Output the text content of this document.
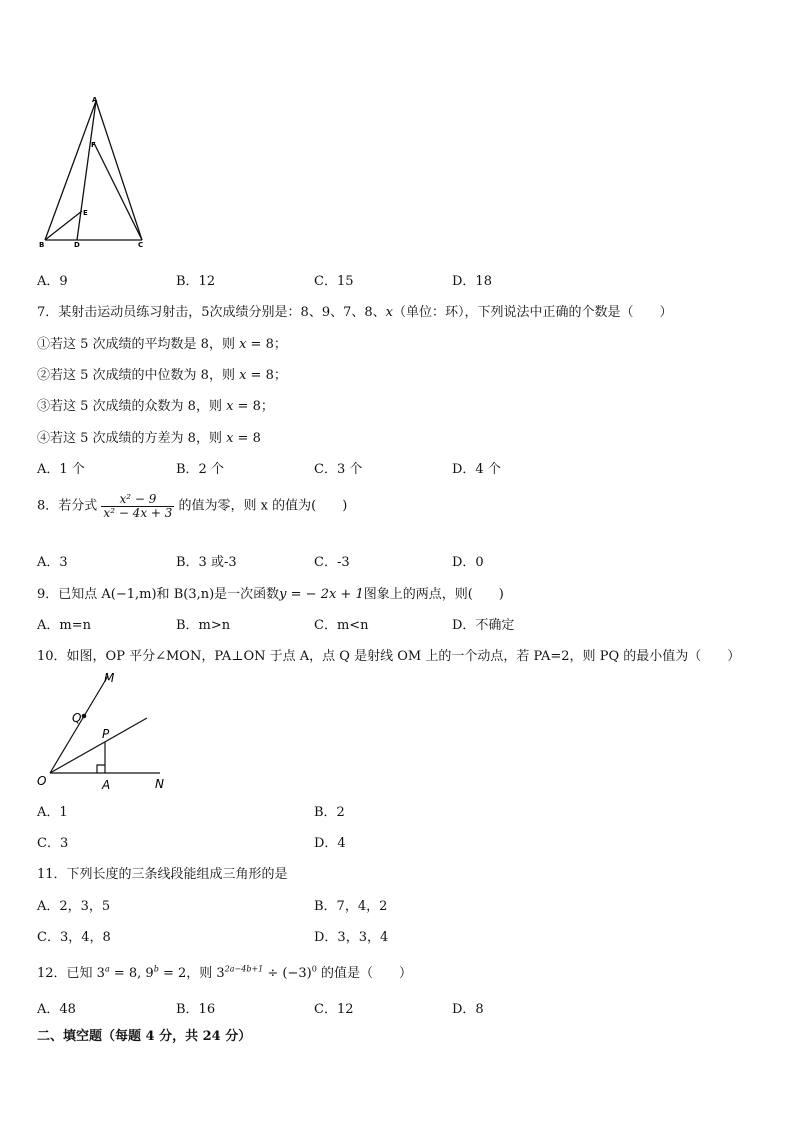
A
F
E
B	D	C
A．9	B．12	C．15	D．18
7．某射击运动员练习射击，5次成绩分别是：8、9、7、8、x（单位：环），下列说法中正确的个数是（　　）
①若这 5 次成绩的平均数是 8，则 x = 8；
②若这 5 次成绩的中位数为 8，则 x = 8；
③若这 5 次成绩的众数为 8，则 x = 8；
④若这 5 次成绩的方差为 8，则 x = 8
A．1 个	B．2 个	C．3 个	D．4 个
8．若分式 $\frac{\text{x² − 9}}{\text{x² − 4x + 3}}$ 的值为零，则 x 的值为(　　)
A．3	B．3 或-3	C．-3	D．0
9．已知点 A(−1,m)和 B(3,n)是一次函数y = − 2x + 1图象上的两点，则(　　)
A．m=n	B．m>n	C．m<n	D．不确定
10．如图，OP 平分∠MON，PA⊥ON 于点 A，点 Q 是射线 OM 上的一个动点，若 PA=2，则 PQ 的最小值为（　　）
M
Q
P
O	A	N
A．1	B．2
C．3	D．4
11．下列长度的三条线段能组成三角形的是
A．2，3，5	B．7，4，2
C．3，4，8	D．3，3，4
12．已知 $3^a = 8$, $9^b = 2$，则 $3^{2a-4b+1} \div (-3)^0$ 的值是（　　）
A．48	B．16	C．12	D．8
二、填空题（每题 4 分，共 24 分）
